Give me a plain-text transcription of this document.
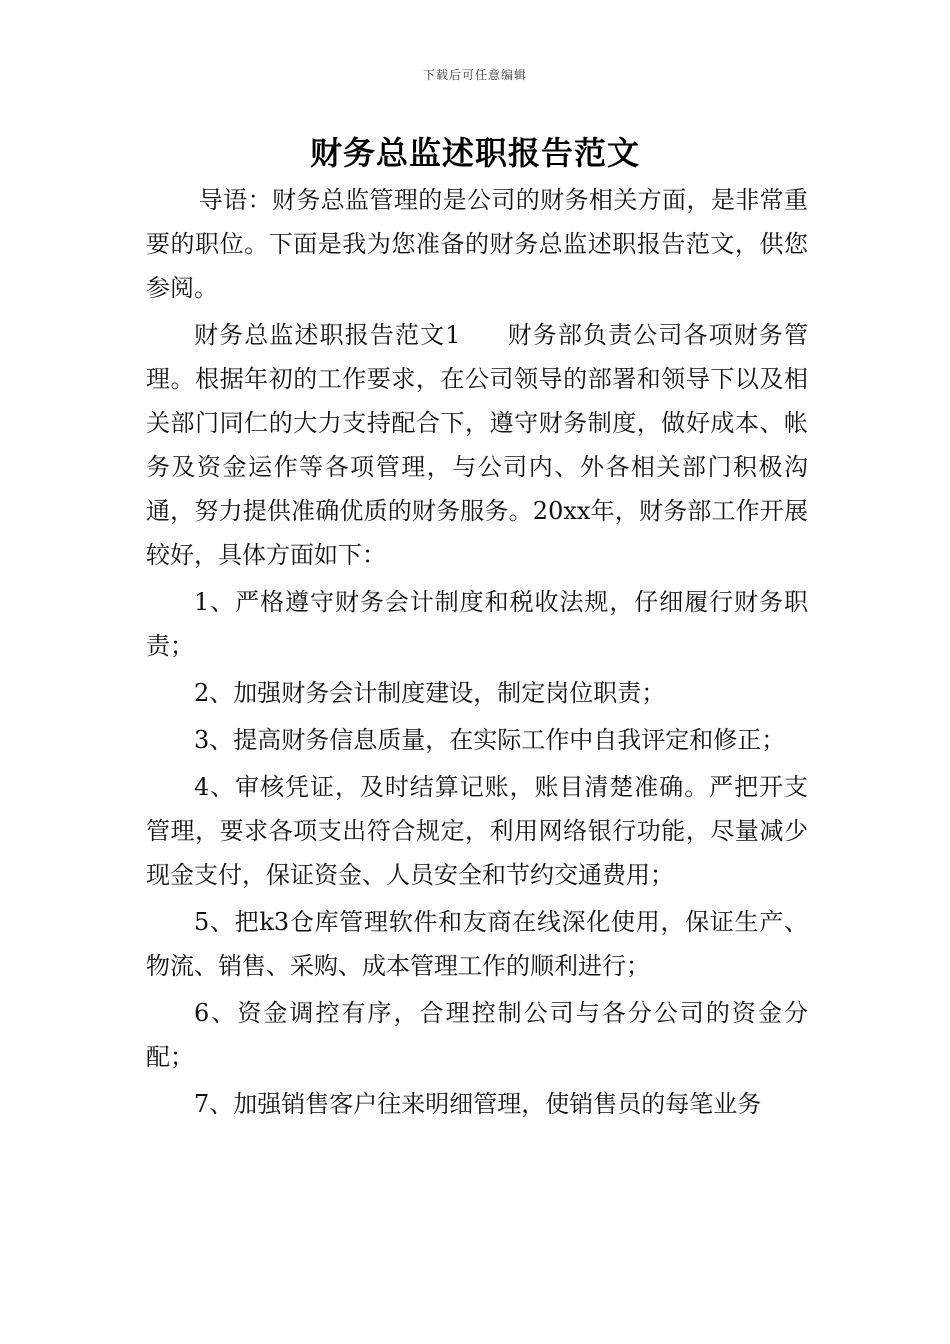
下载后可任意编辑
财务总监述职报告范文

导语：财务总监管理的是公司的财务相关方面，是非常重要的职位。下面是我为您准备的财务总监述职报告范文，供您参阅。

财务总监述职报告范文1 财务部负责公司各项财务管理。根据年初的工作要求，在公司领导的部署和领导下以及相关部门同仁的大力支持配合下，遵守财务制度，做好成本、帐务及资金运作等各项管理，与公司内、外各相关部门积极沟通，努力提供准确优质的财务服务。20xx年，财务部工作开展较好，具体方面如下：

1、严格遵守财务会计制度和税收法规，仔细履行财务职责；

2、加强财务会计制度建设，制定岗位职责；

3、提高财务信息质量，在实际工作中自我评定和修正；

4、审核凭证，及时结算记账，账目清楚准确。严把开支管理，要求各项支出符合规定，利用网络银行功能，尽量减少现金支付，保证资金、人员安全和节约交通费用；

5、把k3仓库管理软件和友商在线深化使用，保证生产、物流、销售、采购、成本管理工作的顺利进行；

6、资金调控有序，合理控制公司与各分公司的资金分配；

7、加强销售客户往来明细管理，使销售员的每笔业务
